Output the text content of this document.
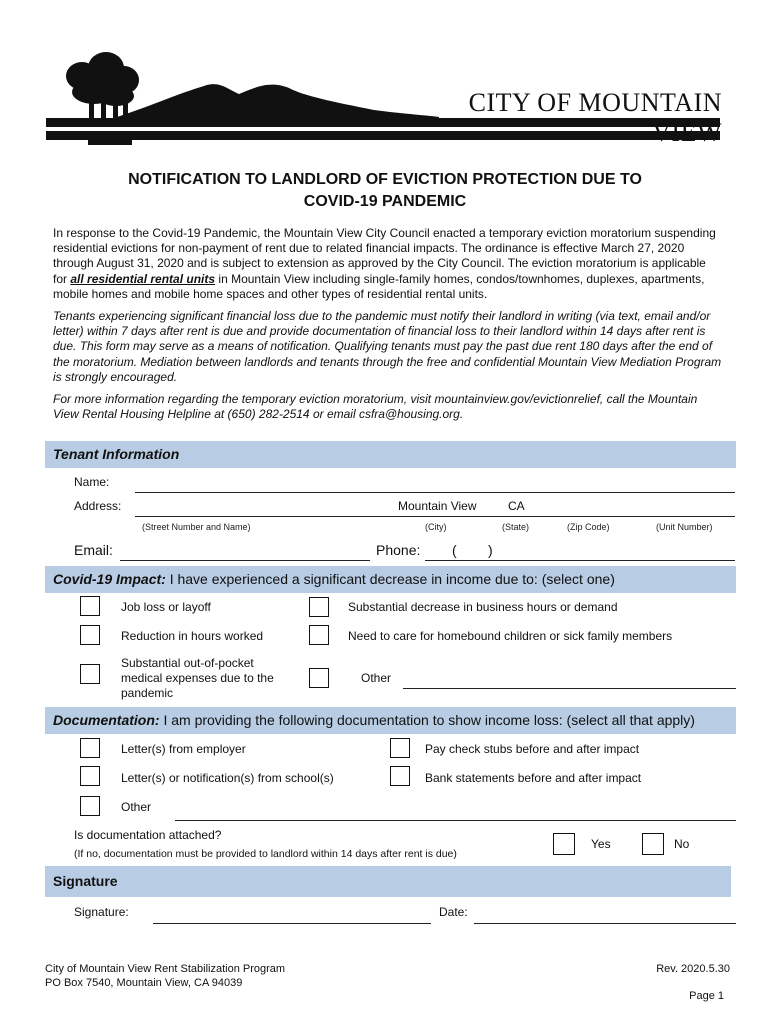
CITY OF MOUNTAIN VIEW
NOTIFICATION TO LANDLORD OF EVICTION PROTECTION DUE TO
COVID-19 PANDEMIC

In response to the Covid-19 Pandemic, the Mountain View City Council enacted a temporary eviction moratorium suspending residential evictions for non-payment of rent due to related financial impacts. The ordinance is effective March 27, 2020 through August 31, 2020 and is subject to extension as approved by the City Council. The eviction moratorium is applicable for all residential rental units in Mountain View including single-family homes, condos/townhomes, duplexes, apartments, mobile homes and mobile home spaces and other types of residential rental units.

Tenants experiencing significant financial loss due to the pandemic must notify their landlord in writing (via text, email and/or letter) within 7 days after rent is due and provide documentation of financial loss to their landlord within 14 days after rent is due. This form may serve as a means of notification. Qualifying tenants must pay the past due rent 180 days after the end of the moratorium. Mediation between landlords and tenants through the free and confidential Mountain View Mediation Program is strongly encouraged.

For more information regarding the temporary eviction moratorium, visit mountainview.gov/evictionrelief, call the Mountain View Rental Housing Helpline at (650) 282-2514 or email csfra@housing.org.

Tenant Information
Name:
Address:	Mountain View	CA
(Street Number and Name)	(City)	(State)	(Zip Code)	(Unit Number)
Email:	Phone: ( )
Covid-19 Impact: I have experienced a significant decrease in income due to: (select one)
Job loss or layoff	Substantial decrease in business hours or demand
Reduction in hours worked	Need to care for homebound children or sick family members
Substantial out-of-pocket medical expenses due to the pandemic
Other
Documentation: I am providing the following documentation to show income loss: (select all that apply)
Letter(s) from employer	Pay check stubs before and after impact
Letter(s) or notification(s) from school(s)	Bank statements before and after impact
Other
Is documentation attached?
(If no, documentation must be provided to landlord within 14 days after rent is due)
Yes	No
Signature
Signature:	Date:
City of Mountain View Rent Stabilization Program
PO Box 7540, Mountain View, CA 94039
Rev. 2020.5.30
Page 1
